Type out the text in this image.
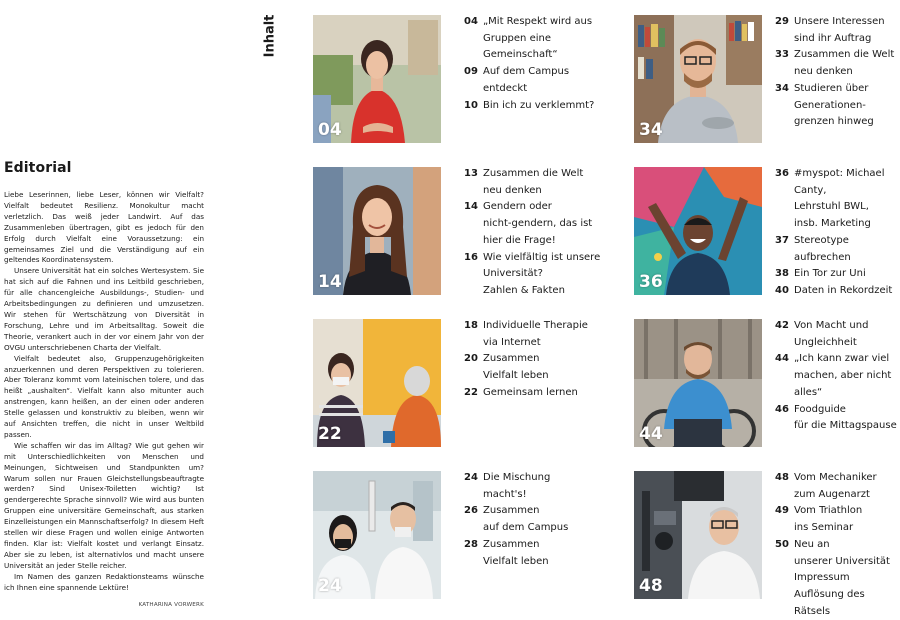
Editorial

Liebe Leserinnen, liebe Leser, können wir Vielfalt? Vielfalt bedeutet Resilienz. Monokultur macht verletzlich. Das weiß jeder Landwirt. Auf das Zusammenleben übertragen, gibt es jedoch für den Erfolg durch Vielfalt eine Voraussetzung: ein gemeinsames Ziel und die Verständigung auf ein geltendes Koordinatensystem.

Unsere Universität hat ein solches Wertesystem. Sie hat sich auf die Fahnen und ins Leitbild geschrieben, für alle chancengleiche Ausbildungs-, Studien- und Arbeitsbedingungen zu definieren und umzusetzen. Wir stehen für Wertschätzung von Diversität in Forschung, Lehre und im Arbeitsalltag. Soweit die Theorie, verankert auch in der vor einem Jahr von der OVGU unterschriebenen Charta der Vielfalt.

Vielfalt bedeutet also, Gruppenzugehörigkeiten anzuerkennen und deren Perspektiven zu tolerieren. Aber Toleranz kommt vom lateinischen tolere, und das heißt „aushalten“. Vielfalt kann also mitunter auch anstrengen, kann heißen, an der einen oder anderen Stelle gelassen und konstruktiv zu bleiben, wenn wir auf Ansichten treffen, die nicht in unser Weltbild passen.

Wie schaffen wir das im Alltag? Wie gut gehen wir mit Unterschiedlichkeiten von Menschen und Meinungen, Sichtweisen und Standpunkten um? Warum sollen nur Frauen Gleichstellungsbeauftragte werden? Sind Unisex-Toiletten wichtig? Ist gendergerechte Sprache sinnvoll? Wie wird aus bunten Gruppen eine universitäre Gemeinschaft, aus starken Einzelleistungen ein Mannschaftserfolg? In diesem Heft stellen wir diese Fragen und wollen einige Antworten finden. Klar ist: Vielfalt kostet und verlangt Einsatz. Aber sie zu leben, ist alternativlos und macht unsere Universität an jeder Stelle reicher.

Im Namen des ganzen Redaktionsteams wünsche ich Ihnen eine spannende Lektüre!

KATHARINA VORWERK
Inhalt
04
04 „Mit Respekt wird aus
Gruppen eine
Gemeinschaft“
09 Auf dem Campus
entdeckt
10 Bin ich zu verklemmt?
34
29 Unsere Interessen
sind ihr Auftrag
33 Zusammen die Welt
neu denken
34 Studieren über
Generationen-
grenzen hinweg
14
13 Zusammen die Welt
neu denken
14 Gendern oder
nicht-gendern, das ist
hier die Frage!
16 Wie vielfältig ist unsere
Universität?
Zahlen & Fakten	36
36 #myspot: Michael Canty,
Lehrstuhl BWL,
insb. Marketing
37 Stereotype aufbrechen
38 Ein Tor zur Uni
40 Daten in Rekordzeit
22
18 Individuelle Therapie
via Internet
20 Zusammen
Vielfalt leben
22 Gemeinsam lernen
44
42 Von Macht und
Ungleichheit
44 „Ich kann zwar viel
machen, aber nicht alles“
46 Foodguide
für die Mittagspause
24
24 Die Mischung
macht's!
26 Zusammen
auf dem Campus
28 Zusammen
Vielfalt leben
48
48 Vom Mechaniker
zum Augenarzt
49 Vom Triathlon
ins Seminar
50 Neu an
unserer Universität
Impressum
Auflösung des Rätsels
